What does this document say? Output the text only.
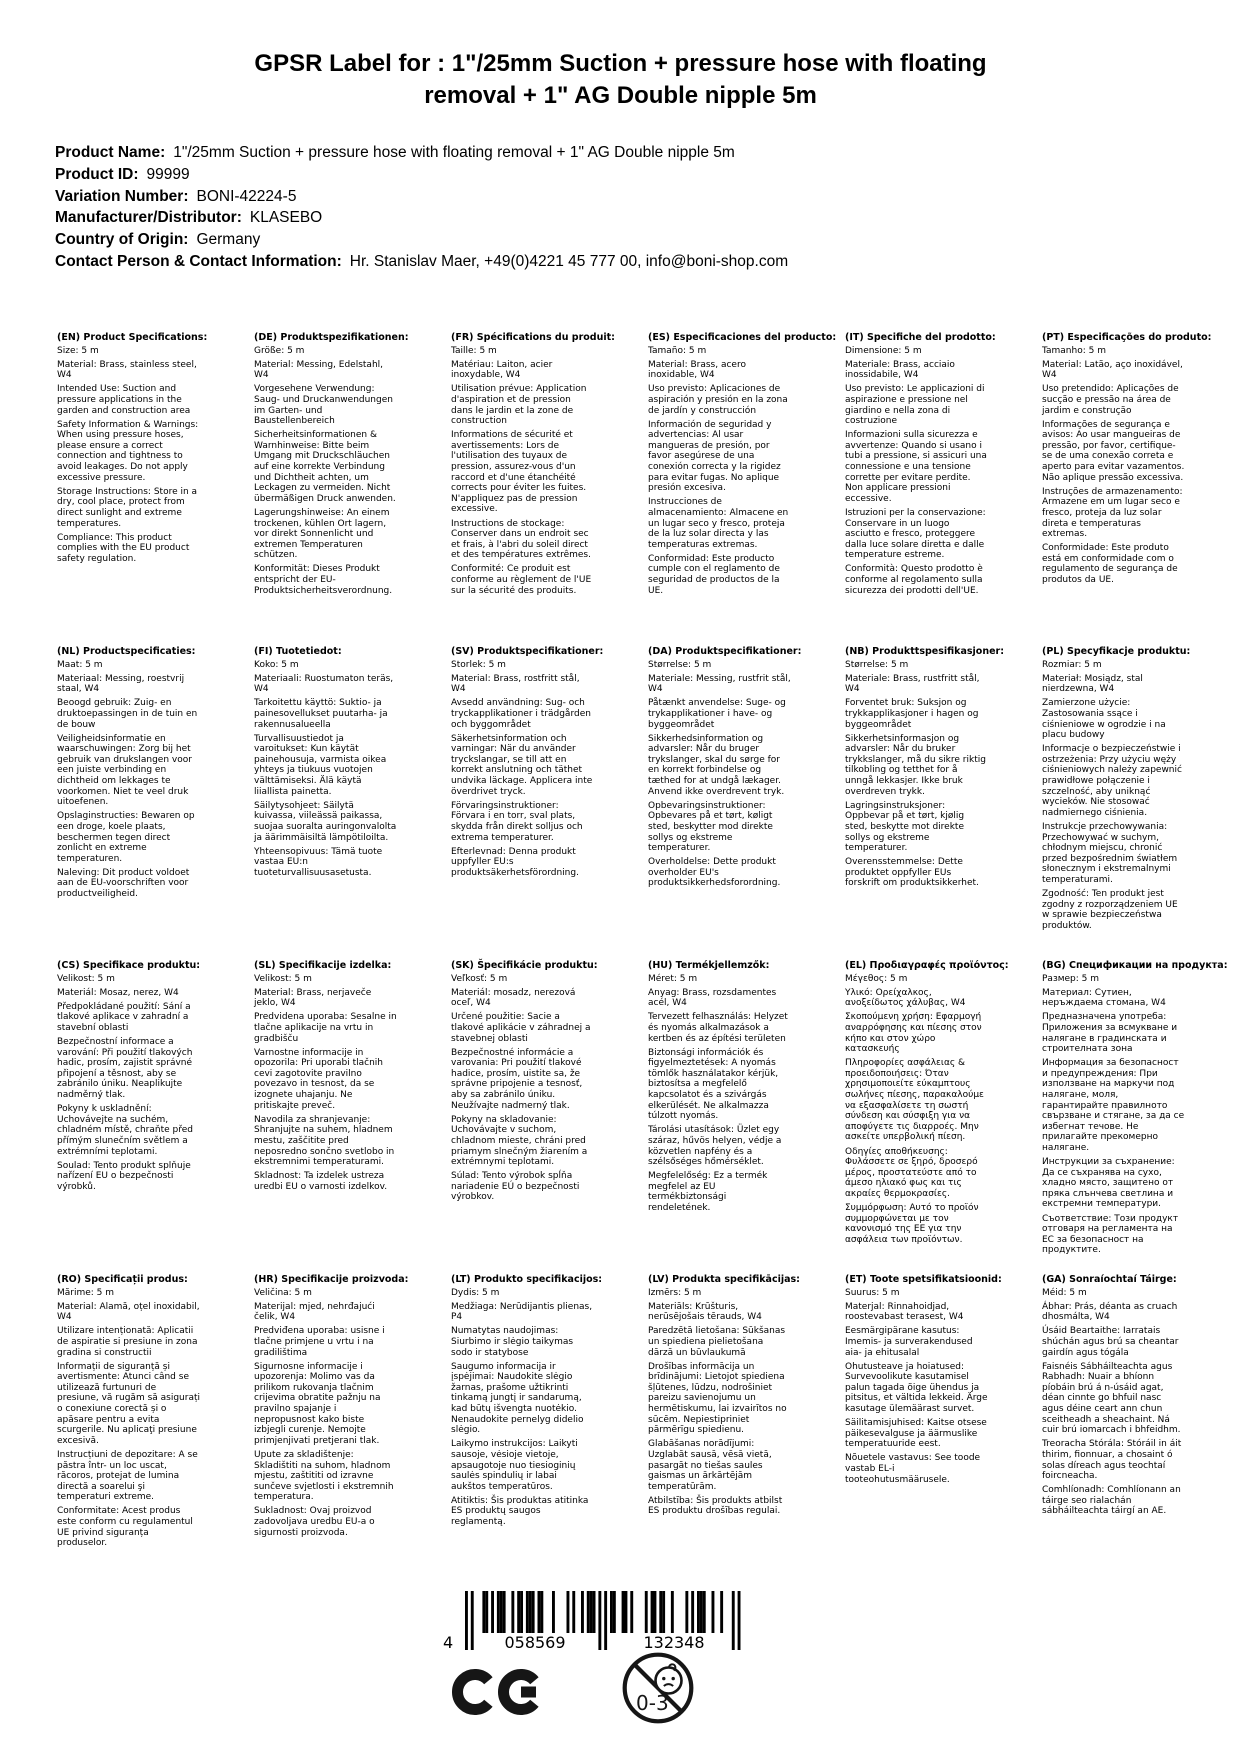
GPSR Label for : 1"/25mm Suction + pressure hose with floating
removal + 1" AG Double nipple 5m
Product Name: 1"/25mm Suction + pressure hose with floating removal + 1" AG Double nipple 5m
Product ID: 99999
Variation Number: BONI-42224-5
Manufacturer/Distributor: KLASEBO
Country of Origin: Germany
Contact Person & Contact Information: Hr. Stanislav Maer, +49(0)4221 45 777 00, info@boni-shop.com
(EN) Product Specifications:

Size: 5 m

Material: Brass, stainless steel, W4

Intended Use: Suction and pressure applications in the garden and construction area

Safety Information & Warnings: When using pressure hoses, please ensure a correct connection and tightness to avoid leakages. Do not apply excessive pressure.

Storage Instructions: Store in a dry, cool place, protect from direct sunlight and extreme temperatures.

Compliance: This product complies with the EU product safety regulation.

(DE) Produktspezifikationen:

Größe: 5 m

Material: Messing, Edelstahl, W4

Vorgesehene Verwendung: Saug- und Druckanwendungen im Garten- und Baustellenbereich

Sicherheitsinformationen & Warnhinweise: Bitte beim Umgang mit Druckschläuchen auf eine korrekte Verbindung und Dichtheit achten, um Leckagen zu vermeiden. Nicht übermäßigen Druck anwenden.

Lagerungshinweise: An einem trockenen, kühlen Ort lagern, vor direkt Sonnenlicht und extremen Temperaturen schützen.

Konformität: Dieses Produkt entspricht der EU-Produktsicherheitsverordnung.

(FR) Spécifications du produit:

Taille: 5 m

Matériau: Laiton, acier inoxydable, W4

Utilisation prévue: Application d'aspiration et de pression dans le jardin et la zone de construction

Informations de sécurité et avertissements: Lors de l'utilisation des tuyaux de pression, assurez-vous d'un raccord et d'une étanchéité corrects pour éviter les fuites. N'appliquez pas de pression excessive.

Instructions de stockage: Conserver dans un endroit sec et frais, à l'abri du soleil direct et des températures extrêmes.

Conformité: Ce produit est conforme au règlement de l'UE sur la sécurité des produits.

(ES) Especificaciones del producto:

Tamaño: 5 m

Material: Brass, acero inoxidable, W4

Uso previsto: Aplicaciones de aspiración y presión en la zona de jardín y construcción

Información de seguridad y advertencias: Al usar mangueras de presión, por favor asegúrese de una conexión correcta y la rigidez para evitar fugas. No aplique presión excesiva.

Instrucciones de almacenamiento: Almacene en un lugar seco y fresco, proteja de la luz solar directa y las temperaturas extremas.

Conformidad: Este producto cumple con el reglamento de seguridad de productos de la UE.

(IT) Specifiche del prodotto:

Dimensione: 5 m

Materiale: Brass, acciaio inossidabile, W4

Uso previsto: Le applicazioni di aspirazione e pressione nel giardino e nella zona di costruzione

Informazioni sulla sicurezza e avvertenze: Quando si usano i tubi a pressione, si assicuri una connessione e una tensione corrette per evitare perdite. Non applicare pressioni eccessive.

Istruzioni per la conservazione: Conservare in un luogo asciutto e fresco, proteggere dalla luce solare diretta e dalle temperature estreme.

Conformità: Questo prodotto è conforme al regolamento sulla sicurezza dei prodotti dell'UE.

(PT) Especificações do produto:

Tamanho: 5 m

Material: Latão, aço inoxidável, W4

Uso pretendido: Aplicações de sucção e pressão na área de jardim e construção

Informações de segurança e avisos: Ao usar mangueiras de pressão, por favor, certifique-se de uma conexão correta e aperto para evitar vazamentos. Não aplique pressão excessiva.

Instruções de armazenamento: Armazene em um lugar seco e fresco, proteja da luz solar direta e temperaturas extremas.

Conformidade: Este produto está em conformidade com o regulamento de segurança de produtos da UE.

(NL) Productspecificaties:

Maat: 5 m

Materiaal: Messing, roestvrij staal, W4

Beoogd gebruik: Zuig- en druktoepassingen in de tuin en de bouw

Veiligheidsinformatie en waarschuwingen: Zorg bij het gebruik van drukslangen voor een juiste verbinding en dichtheid om lekkages te voorkomen. Niet te veel druk uitoefenen.

Opslaginstructies: Bewaren op een droge, koele plaats, beschermen tegen direct zonlicht en extreme temperaturen.

Naleving: Dit product voldoet aan de EU-voorschriften voor productveiligheid.

(FI) Tuotetiedot:

Koko: 5 m

Materiaali: Ruostumaton teräs, W4

Tarkoitettu käyttö: Suktio- ja painesovellukset puutarha- ja rakennusalueella

Turvallisuustiedot ja varoitukset: Kun käytät painehousuja, varmista oikea yhteys ja tiukuus vuotojen välttämiseksi. Älä käytä liiallista painetta.

Säilytysohjeet: Säilytä kuivassa, viileässä paikassa, suojaa suoralta auringonvalolta ja äärimmäisiltä lämpötiloilta.

Yhteensopivuus: Tämä tuote vastaa EU:n tuoteturvallisuusasetusta.

(SV) Produktspecifikationer:

Storlek: 5 m

Material: Brass, rostfritt stål, W4

Avsedd användning: Sug- och tryckapplikationer i trädgården och byggområdet

Säkerhetsinformation och varningar: När du använder tryckslangar, se till att en korrekt anslutning och täthet undvika läckage. Applicera inte överdrivet tryck.

Förvaringsinstruktioner: Förvara i en torr, sval plats, skydda från direkt solljus och extrema temperaturer.

Efterlevnad: Denna produkt uppfyller EU:s produktsäkerhetsförordning.

(DA) Produktspecifikationer:

Størrelse: 5 m

Materiale: Messing, rustfrit stål, W4

Påtænkt anvendelse: Suge- og trykapplikationer i have- og byggeområdet

Sikkerhedsinformation og advarsler: Når du bruger trykslanger, skal du sørge for en korrekt forbindelse og tæthed for at undgå lækager. Anvend ikke overdrevent tryk.

Opbevaringsinstruktioner: Opbevares på et tørt, køligt sted, beskytter mod direkte sollys og ekstreme temperaturer.

Overholdelse: Dette produkt overholder EU's produktsikkerhedsforordning.

(NB) Produkttspesifikasjoner:

Størrelse: 5 m

Materiale: Brass, rustfritt stål, W4

Forventet bruk: Suksjon og trykkapplikasjoner i hagen og byggeområdet

Sikkerhetsinformasjon og advarsler: Når du bruker trykkslanger, må du sikre riktig tilkobling og tetthet for å unngå lekkasjer. Ikke bruk overdreven trykk.

Lagringsinstruksjoner: Oppbevar på et tørt, kjølig sted, beskytte mot direkte sollys og ekstreme temperaturer.

Overensstemmelse: Dette produktet oppfyller EUs forskrift om produktsikkerhet.

(PL) Specyfikacje produktu:

Rozmiar: 5 m

Materiał: Mosiądz, stal nierdzewna, W4

Zamierzone użycie: Zastosowania ssące i ciśnieniowe w ogrodzie i na placu budowy

Informacje o bezpieczeństwie i ostrzeżenia: Przy użyciu węży ciśnieniowych należy zapewnić prawidłowe połączenie i szczelność, aby uniknąć wycieków. Nie stosować nadmiernego ciśnienia.

Instrukcje przechowywania: Przechowywać w suchym, chłodnym miejscu, chronić przed bezpośrednim światłem słonecznym i ekstremalnymi temperaturami.

Zgodność: Ten produkt jest zgodny z rozporządzeniem UE w sprawie bezpieczeństwa produktów.

(CS) Specifikace produktu:

Velikost: 5 m

Materiál: Mosaz, nerez, W4

Předpokládané použití: Sání a tlakové aplikace v zahradní a stavební oblasti

Bezpečnostní informace a varování: Při použití tlakových hadic, prosím, zajistit správné připojení a těsnost, aby se zabránilo úniku. Neaplikujte nadměrný tlak.

Pokyny k uskladnění: Uchovávejte na suchém, chladném místě, chraňte před přímým slunečním světlem a extrémními teplotami.

Soulad: Tento produkt splňuje nařízení EU o bezpečnosti výrobků.

(SL) Specifikacije izdelka:

Velikost: 5 m

Material: Brass, nerjaveče jeklo, W4

Predvidena uporaba: Sesalne in tlačne aplikacije na vrtu in gradbišču

Varnostne informacije in opozorila: Pri uporabi tlačnih cevi zagotovite pravilno povezavo in tesnost, da se izognete uhajanju. Ne pritiskajte preveč.

Navodila za shranjevanje: Shranjujte na suhem, hladnem mestu, zaščitite pred neposredno sončno svetlobo in ekstremnimi temperaturami.

Skladnost: Ta izdelek ustreza uredbi EU o varnosti izdelkov.

(SK) Špecifikácie produktu:

Veľkosť: 5 m

Materiál: mosadz, nerezová oceľ, W4

Určené použitie: Sacie a tlakové aplikácie v záhradnej a stavebnej oblasti

Bezpečnostné informácie a varovania: Pri použití tlakové hadice, prosím, uistite sa, že správne pripojenie a tesnosť, aby sa zabránilo úniku. Neužívajte nadmerný tlak.

Pokyny na skladovanie: Uchovávajte v suchom, chladnom mieste, chráni pred priamym slnečným žiarením a extrémnymi teplotami.

Súlad: Tento výrobok spĺňa nariadenie EÚ o bezpečnosti výrobkov.

(HU) Termékjellemzők:

Méret: 5 m

Anyag: Brass, rozsdamentes acél, W4

Tervezett felhasználás: Helyzet és nyomás alkalmazások a kertben és az építési területen

Biztonsági információk és figyelmeztetések: A nyomás tömlők használatakor kérjük, biztosítsa a megfelelő kapcsolatot és a szivárgás elkerülését. Ne alkalmazza túlzott nyomás.

Tárolási utasítások: Üzlet egy száraz, hűvös helyen, védje a közvetlen napfény és a szélsőséges hőmérséklet.

Megfelelőség: Ez a termék megfelel az EU termékbiztonsági rendeletének.

(EL) Προδιαγραφές προϊόντος:

Μέγεθος: 5 m

Υλικό: Ορείχαλκος, ανοξείδωτος χάλυβας, W4

Σκοπούμενη χρήση: Εφαρμογή αναρρόφησης και πίεσης στον κήπο και στον χώρο κατασκευής

Πληροφορίες ασφάλειας & προειδοποιήσεις: Όταν χρησιμοποιείτε εύκαμπτους σωλήνες πίεσης, παρακαλούμε να εξασφαλίσετε τη σωστή σύνδεση και σύσφιξη για να αποφύγετε τις διαρροές. Μην ασκείτε υπερβολική πίεση.

Οδηγίες αποθήκευσης: Φυλάσσετε σε ξηρό, δροσερό μέρος, προστατεύστε από το άμεσο ηλιακό φως και τις ακραίες θερμοκρασίες.

Συμμόρφωση: Αυτό το προϊόν συμμορφώνεται με τον κανονισμό της ΕΕ για την ασφάλεια των προϊόντων.

(BG) Спецификации на продукта:

Размер: 5 m

Материал: Сутиен, неръждаема стомана, W4

Предназначена употреба: Приложения за всмукване и налягане в градинската и строителната зона

Информация за безопасност и предупреждения: При използване на маркучи под налягане, моля, гарантирайте правилното свързване и стягане, за да се избегнат течове. Не прилагайте прекомерно налягане.

Инструкции за съхранение: Да се съхранява на сухо, хладно място, защитено от пряка слънчева светлина и екстремни температури.

Съответствие: Този продукт отговаря на регламента на ЕС за безопасност на продуктите.

(RO) Specificații produs:

Mărime: 5 m

Material: Alamă, oțel inoxidabil, W4

Utilizare intenționată: Aplicatii de aspiratie si presiune in zona gradina si constructii

Informații de siguranță și avertismente: Atunci când se utilizează furtunuri de presiune, vă rugăm să asigurați o conexiune corectă și o apăsare pentru a evita scurgerile. Nu aplicaţi presiune excesivă.

Instrucțiuni de depozitare: A se păstra într- un loc uscat, răcoros, protejat de lumina directă a soarelui şi temperaturi extreme.

Conformitate: Acest produs este conform cu regulamentul UE privind siguranța produselor.

(HR) Specifikacije proizvoda:

Veličina: 5 m

Materijal: mjed, nehrđajući čelik, W4

Predviđena uporaba: usisne i tlačne primjene u vrtu i na gradilištima

Sigurnosne informacije i upozorenja: Molimo vas da prilikom rukovanja tlačnim crijevima obratite pažnju na pravilno spajanje i nepropusnost kako biste izbjegli curenje. Nemojte primjenjivati pretjerani tlak.

Upute za skladištenje: Skladištiti na suhom, hladnom mjestu, zaštititi od izravne sunčeve svjetlosti i ekstremnih temperatura.

Sukladnost: Ovaj proizvod zadovoljava uredbu EU-a o sigurnosti proizvoda.

(LT) Produkto specifikacijos:

Dydis: 5 m

Medžiaga: Nerūdijantis plienas, P4

Numatytas naudojimas: Siurbimo ir slėgio taikymas sodo ir statybose

Saugumo informacija ir įspėjimai: Naudokite slėgio žarnas, prašome užtikrinti tinkamą jungtį ir sandarumą, kad būtų išvengta nuotėkio. Nenaudokite pernelyg didelio slėgio.

Laikymo instrukcijos: Laikyti sausoje, vėsioje vietoje, apsaugotoje nuo tiesioginių saulės spindulių ir labai aukštos temperatūros.

Atitiktis: Šis produktas atitinka ES produktų saugos reglamentą.

(LV) Produkta specifikācijas:

Izmērs: 5 m

Materiāls: Krūšturis, nerūsējošais tērauds, W4

Paredzētā lietošana: Sūkšanas un spiediena pielietošana dārzā un būvlaukumā

Drošības informācija un brīdinājumi: Lietojot spiediena šļūtenes, lūdzu, nodrošiniet pareizu savienojumu un hermētiskumu, lai izvairītos no sūcēm. Nepiestipriniet pārmērīgu spiedienu.

Glabāšanas norādījumi: Uzglabāt sausā, vēsā vietā, pasargāt no tiešas saules gaismas un ārkārtējām temperatūrām.

Atbilstība: Šis produkts atbilst ES produktu drošības regulai.

(ET) Toote spetsifikatsioonid:

Suurus: 5 m

Materjal: Rinnahoidjad, roostevabast terasest, W4

Eesmärgipärane kasutus: Imemis- ja surverakendused aia- ja ehitusalal

Ohutusteave ja hoiatused: Survevoolikute kasutamisel palun tagada õige ühendus ja pitsitus, et vältida lekkeid. Ärge kasutage ülemäärast survet.

Säilitamisjuhised: Kaitse otsese päikesevalguse ja äärmuslike temperatuuride eest.

Nõuetele vastavus: See toode vastab EL-i tooteohutusmäärusele.

(GA) Sonraíochtaí Táirge:

Méid: 5 m

Ábhar: Prás, déanta as cruach dhosmálta, W4

Úsáid Beartaithe: Iarratais shúchán agus brú sa cheantar gairdín agus tógála

Faisnéis Sábháilteachta agus Rabhadh: Nuair a bhíonn píobáin brú á n-úsáid agat, déan cinnte go bhfuil nasc agus déine ceart ann chun sceitheadh a sheachaint. Ná cuir brú iomarcach i bhfeidhm.

Treoracha Stórála: Stóráil in áit thirim, fionnuar, a chosaint ó solas díreach agus teochtaí foircneacha.

Comhlíonadh: Comhlíonann an táirge seo rialachán sábháilteachta táirgí an AE.

4	058569	132348
0-3
